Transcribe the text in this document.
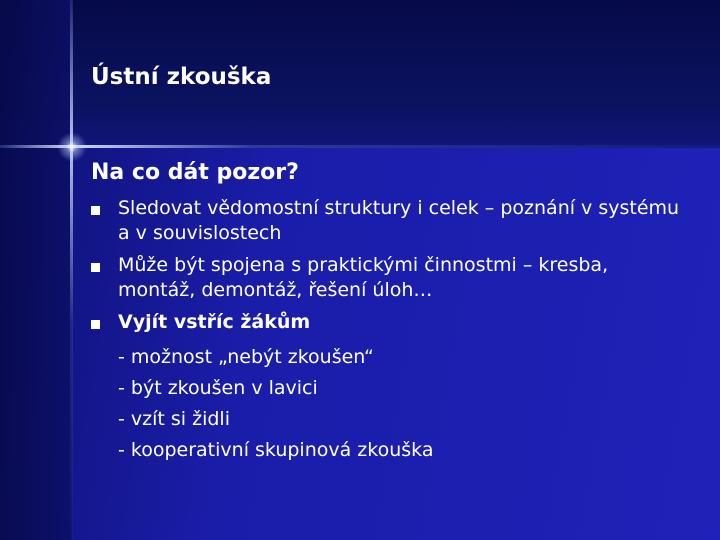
Ústní zkouška
Na co dát pozor?
Sledovat vědomostní struktury i celek – poznání v systému a v souvislostech
Může být spojena s praktickými činnostmi – kresba, montáž, demontáž, řešení úloh…
Vyjít vstříc žákům
- možnost „nebýt zkoušen“
- být zkoušen v lavici
- vzít si židli
- kooperativní skupinová zkouška
